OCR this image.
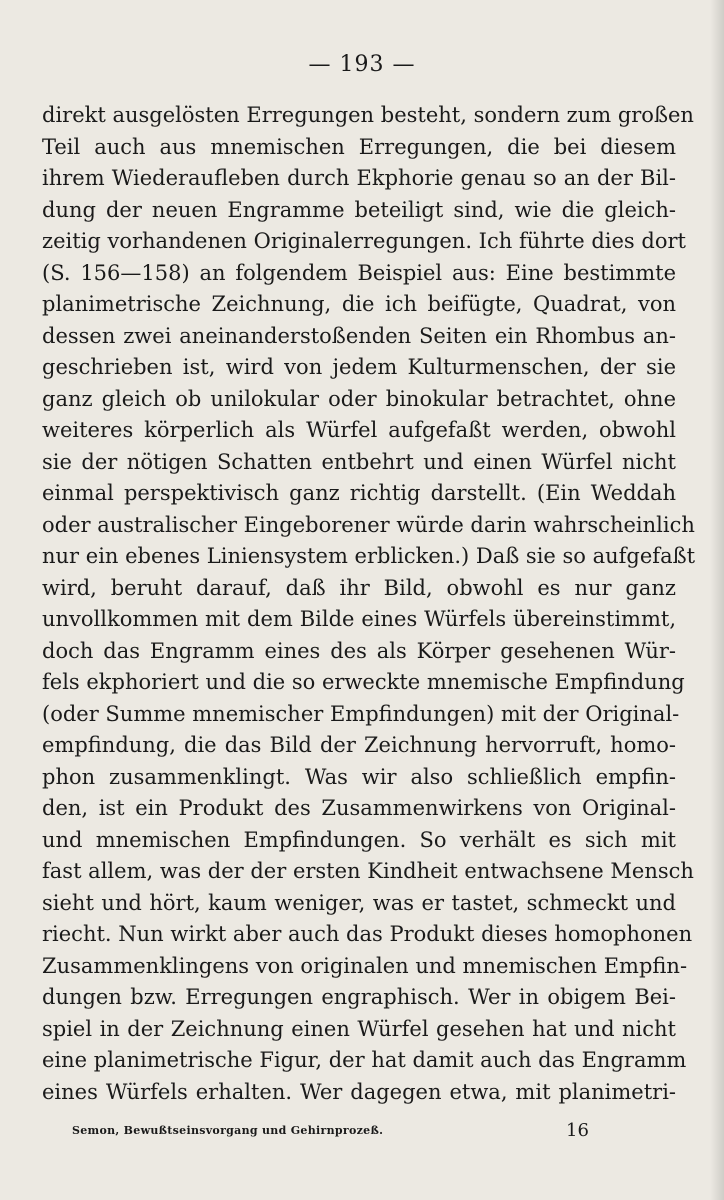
— 193 —
direkt ausgelösten Erregungen besteht, sondern zum großen
Teil auch aus mnemischen Erregungen, die bei diesem
ihrem Wiederaufleben durch Ekphorie genau so an der Bil-
dung der neuen Engramme beteiligt sind, wie die gleich-
zeitig vorhandenen Originalerregungen. Ich führte dies dort
(S. 156—158) an folgendem Beispiel aus: Eine bestimmte
planimetrische Zeichnung, die ich beifügte, Quadrat, von
dessen zwei aneinanderstoßenden Seiten ein Rhombus an-
geschrieben ist, wird von jedem Kulturmenschen, der sie
ganz gleich ob unilokular oder binokular betrachtet, ohne
weiteres körperlich als Würfel aufgefaßt werden, obwohl
sie der nötigen Schatten entbehrt und einen Würfel nicht
einmal perspektivisch ganz richtig darstellt. (Ein Weddah
oder australischer Eingeborener würde darin wahrscheinlich
nur ein ebenes Liniensystem erblicken.) Daß sie so aufgefaßt
wird, beruht darauf, daß ihr Bild, obwohl es nur ganz
unvollkommen mit dem Bilde eines Würfels übereinstimmt,
doch das Engramm eines des als Körper gesehenen Wür-
fels ekphoriert und die so erweckte mnemische Empfindung
(oder Summe mnemischer Empfindungen) mit der Original-
empfindung, die das Bild der Zeichnung hervorruft, homo-
phon zusammenklingt. Was wir also schließlich empfin-
den, ist ein Produkt des Zusammenwirkens von Original-
und mnemischen Empfindungen. So verhält es sich mit
fast allem, was der der ersten Kindheit entwachsene Mensch
sieht und hört, kaum weniger, was er tastet, schmeckt und
riecht. Nun wirkt aber auch das Produkt dieses homophonen
Zusammenklingens von originalen und mnemischen Empfin-
dungen bzw. Erregungen engraphisch. Wer in obigem Bei-
spiel in der Zeichnung einen Würfel gesehen hat und nicht
eine planimetrische Figur, der hat damit auch das Engramm
eines Würfels erhalten. Wer dagegen etwa, mit planimetri-
Semon, Bewußtseinsvorgang und Gehirnprozeß.	16
